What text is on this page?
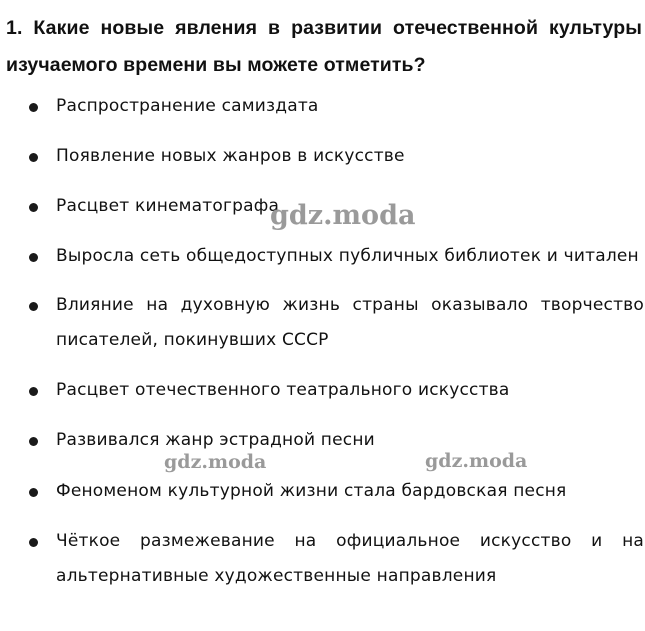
1. Какие новые явления в развитии отечественной культуры изучаемого времени вы можете отметить?
Распространение самиздата
Появление новых жанров в искусстве
Расцвет кинематографа
Выросла сеть общедоступных публичных библиотек и читален
Влияние на духовную жизнь страны оказывало творчество писателей, покинувших СССР
Расцвет отечественного театрального искусства
Развивался жанр эстрадной песни
Феноменом культурной жизни стала бардовская песня
Чёткое размежевание на официальное искусство и на альтернативные художественные направления
gdz.moda
gdz.moda	gdz.moda
